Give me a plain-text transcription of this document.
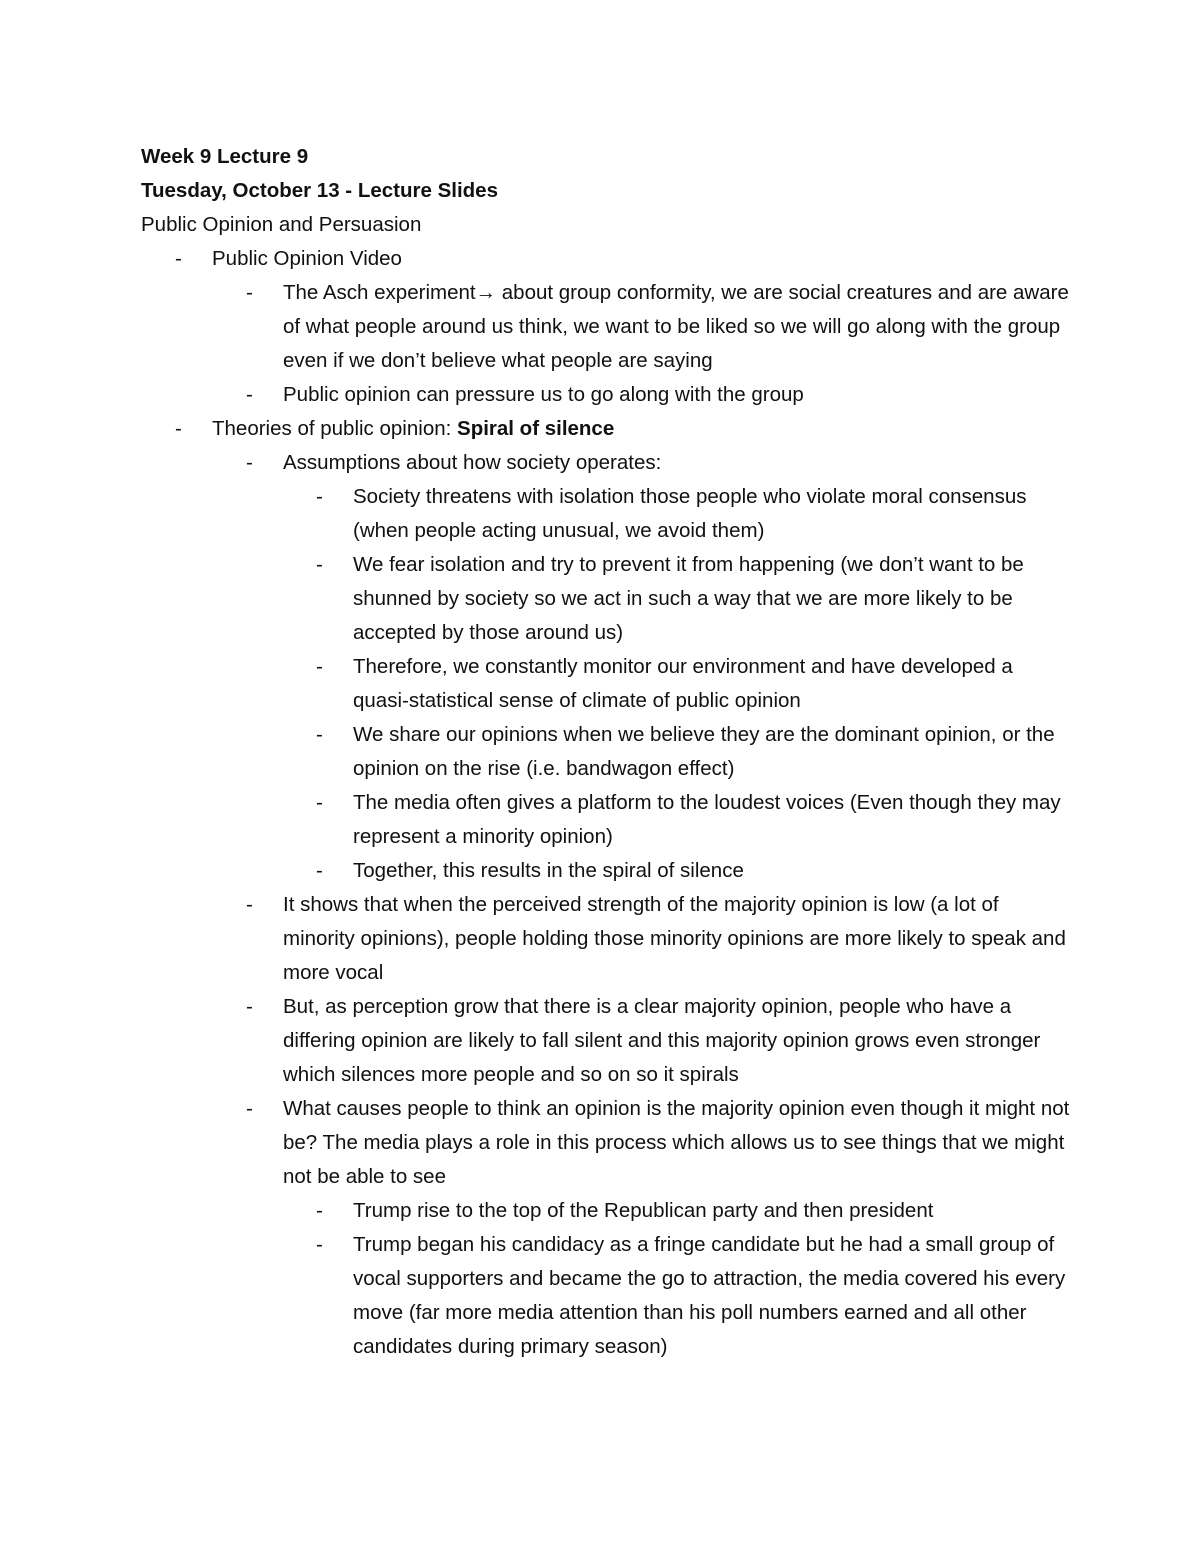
Week 9 Lecture 9

Tuesday, October 13 - Lecture Slides

Public Opinion and Persuasion

- Public Opinion Video
- The Asch experiment→ about group conformity, we are social creatures and are aware of what people around us think, we want to be liked so we will go along with the group even if we don’t believe what people are saying
- Public opinion can pressure us to go along with the group
- Theories of public opinion: Spiral of silence
- Assumptions about how society operates:
- Society threatens with isolation those people who violate moral consensus (when people acting unusual, we avoid them)
- We fear isolation and try to prevent it from happening (we don’t want to be shunned by society so we act in such a way that we are more likely to be accepted by those around us)
- Therefore, we constantly monitor our environment and have developed a quasi-statistical sense of climate of public opinion
- We share our opinions when we believe they are the dominant opinion, or the opinion on the rise (i.e. bandwagon effect)
- The media often gives a platform to the loudest voices (Even though they may represent a minority opinion)
- Together, this results in the spiral of silence
- It shows that when the perceived strength of the majority opinion is low (a lot of minority opinions), people holding those minority opinions are more likely to speak and more vocal
- But, as perception grow that there is a clear majority opinion, people who have a differing opinion are likely to fall silent and this majority opinion grows even stronger which silences more people and so on so it spirals
- What causes people to think an opinion is the majority opinion even though it might not be? The media plays a role in this process which allows us to see things that we might not be able to see
- Trump rise to the top of the Republican party and then president
- Trump began his candidacy as a fringe candidate but he had a small group of vocal supporters and became the go to attraction, the media covered his every move (far more media attention than his poll numbers earned and all other candidates during primary season)
